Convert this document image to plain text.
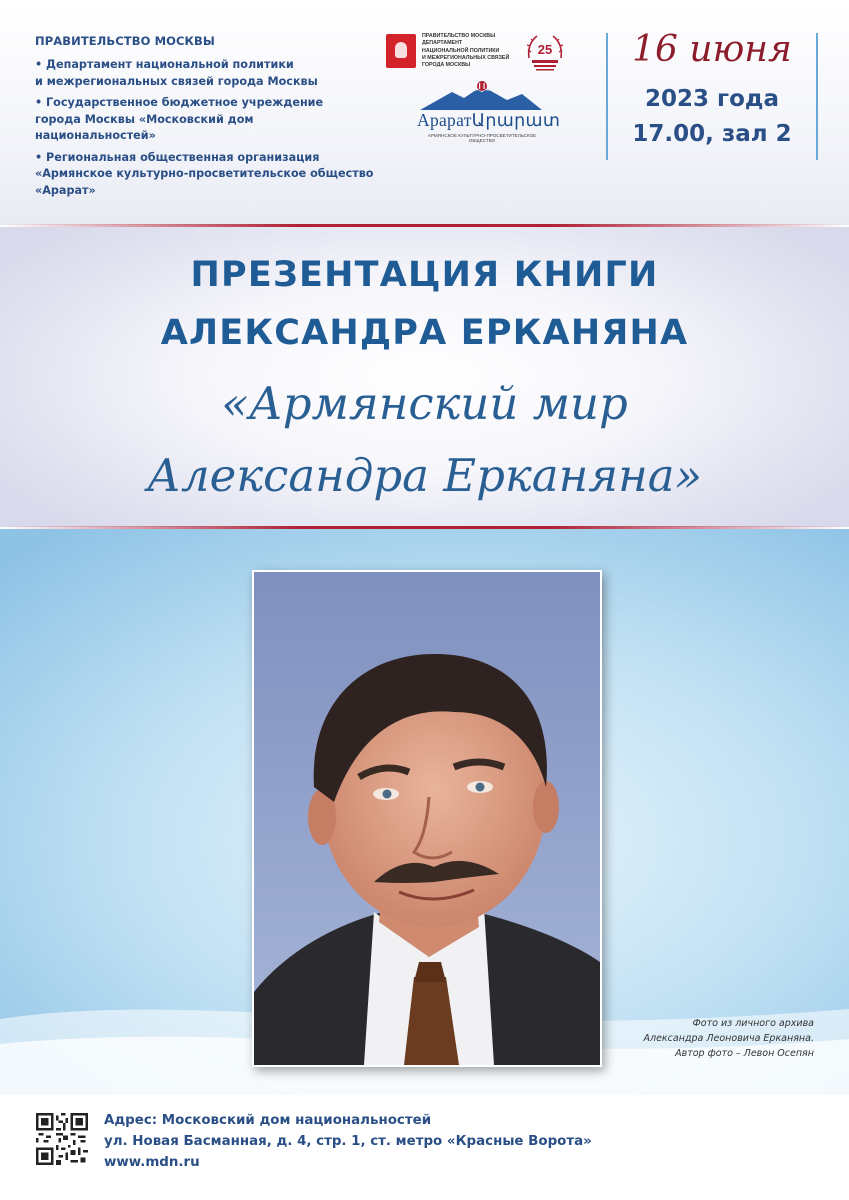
ПРАВИТЕЛЬСТВО МОСКВЫ
• Департамент национальной политики
и межрегиональных связей города Москвы
• Государственное бюджетное учреждение
города Москвы «Московский дом национальностей»
• Региональная общественная организация
«Армянское культурно-просветительское общество
«Арарат»
ПРАВИТЕЛЬСТВО МОСКВЫ
ДЕПАРТАМЕНТ
НАЦИОНАЛЬНОЙ ПОЛИТИКИ
И МЕЖРЕГИОНАЛЬНЫХ СВЯЗЕЙ
ГОРОДА МОСКВЫ
25
АраратԱրարատ
АРМЯНСКОЕ КУЛЬТУРНО-ПРОСВЕТИТЕЛЬСКОЕ ОБЩЕСТВО
16 июня
2023 года
17.00, зал 2
ПРЕЗЕНТАЦИЯ КНИГИ
АЛЕКСАНДРА ЕРКАНЯНА
«Армянский мир
Александра Ерканяна»
Фото из личного архива
Александра Леоновича Ерканяна.
Автор фото – Левон Осепян
Адрес: Московский дом национальностей
ул. Новая Басманная, д. 4, стр. 1, ст. метро «Красные Ворота»
www.mdn.ru
